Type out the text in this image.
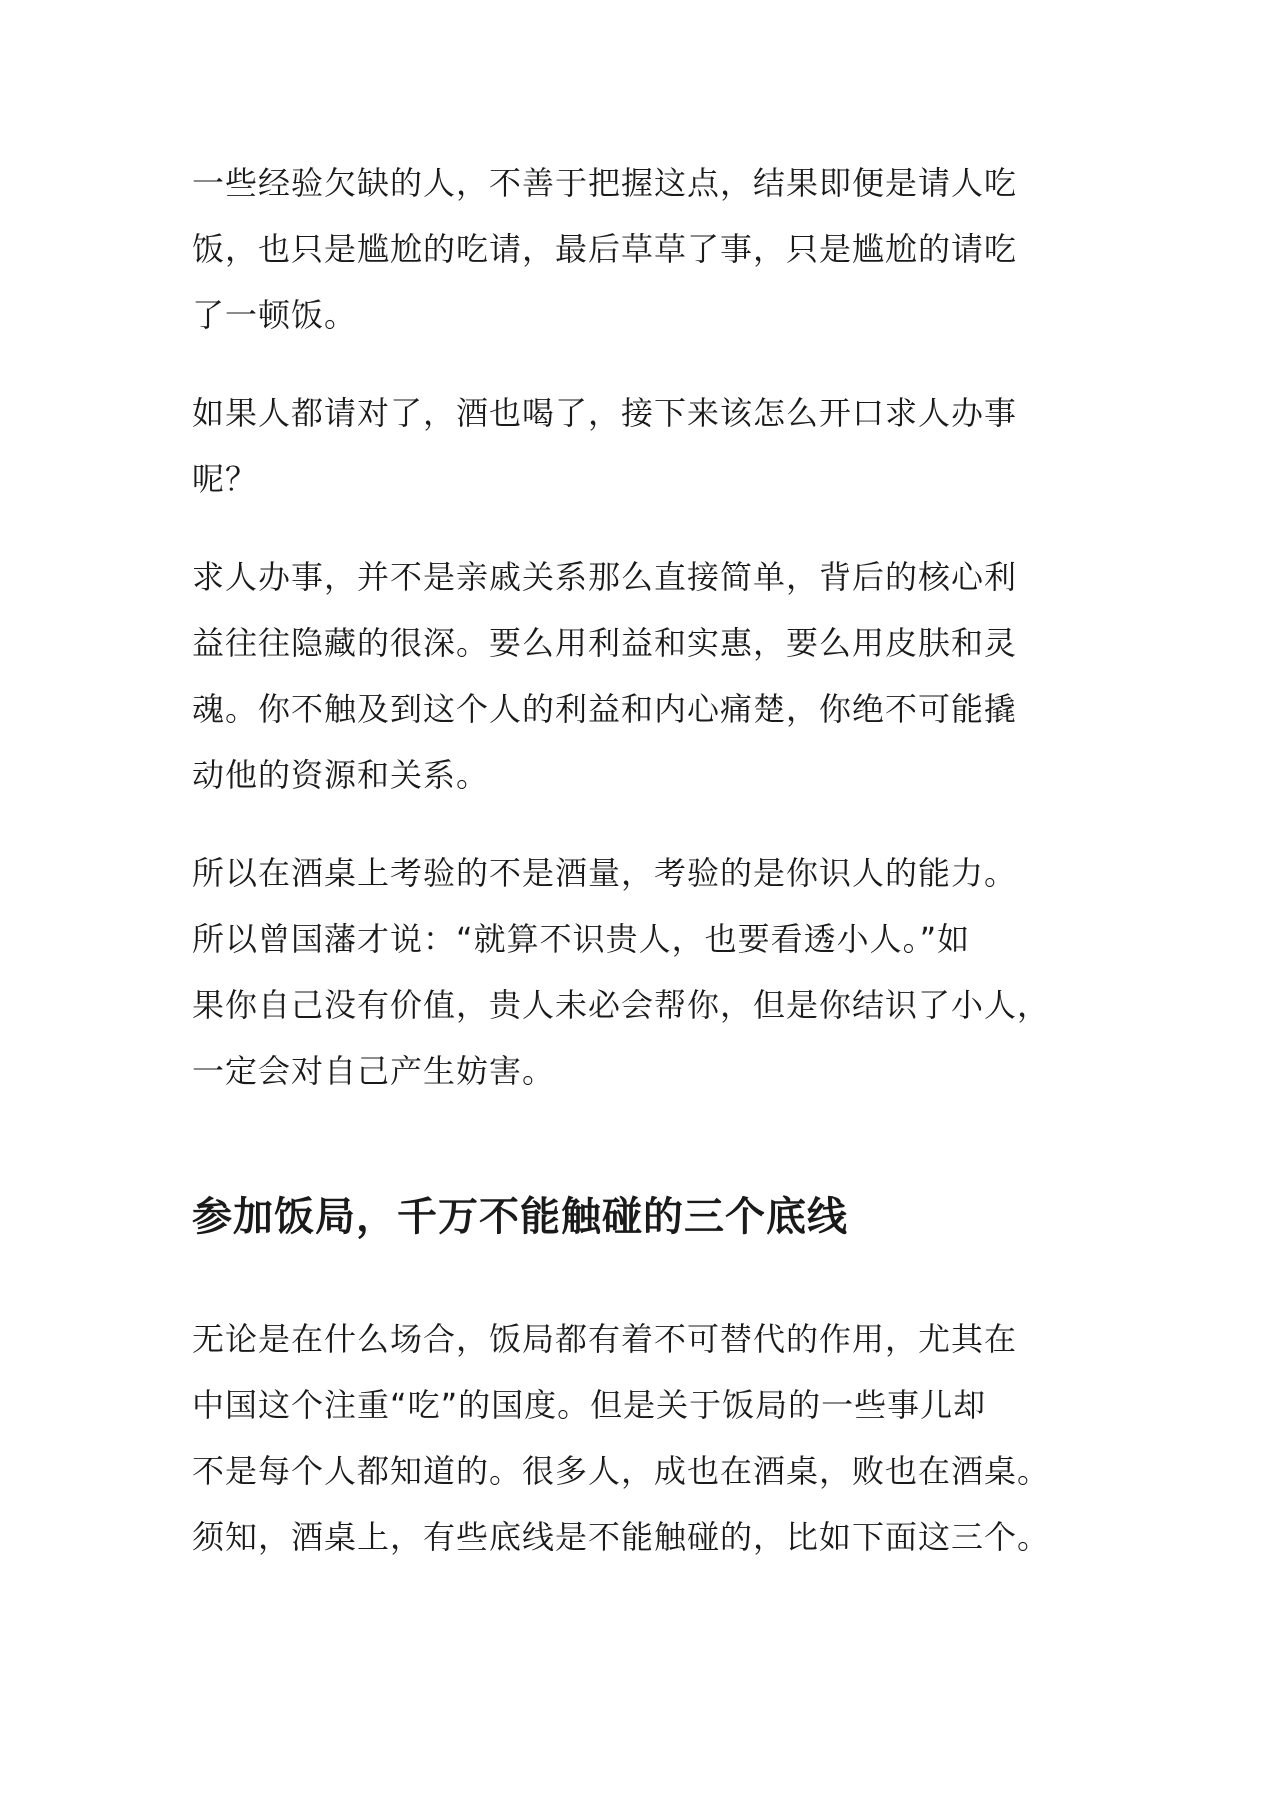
一些经验欠缺的人，不善于把握这点，结果即便是请人吃
饭，也只是尴尬的吃请，最后草草了事，只是尴尬的请吃
了一顿饭。

如果人都请对了，酒也喝了，接下来该怎么开口求人办事
呢？

求人办事，并不是亲戚关系那么直接简单，背后的核心利
益往往隐藏的很深。要么用利益和实惠，要么用皮肤和灵
魂。你不触及到这个人的利益和内心痛楚，你绝不可能撬
动他的资源和关系。

所以在酒桌上考验的不是酒量，考验的是你识人的能力。
所以曾国藩才说：“就算不识贵人，也要看透小人。”如
果你自己没有价值，贵人未必会帮你，但是你结识了小人，
一定会对自己产生妨害。

参加饭局，千万不能触碰的三个底线

无论是在什么场合，饭局都有着不可替代的作用，尤其在
中国这个注重“吃”的国度。但是关于饭局的一些事儿却
不是每个人都知道的。很多人，成也在酒桌，败也在酒桌。
须知，酒桌上，有些底线是不能触碰的，比如下面这三个。
